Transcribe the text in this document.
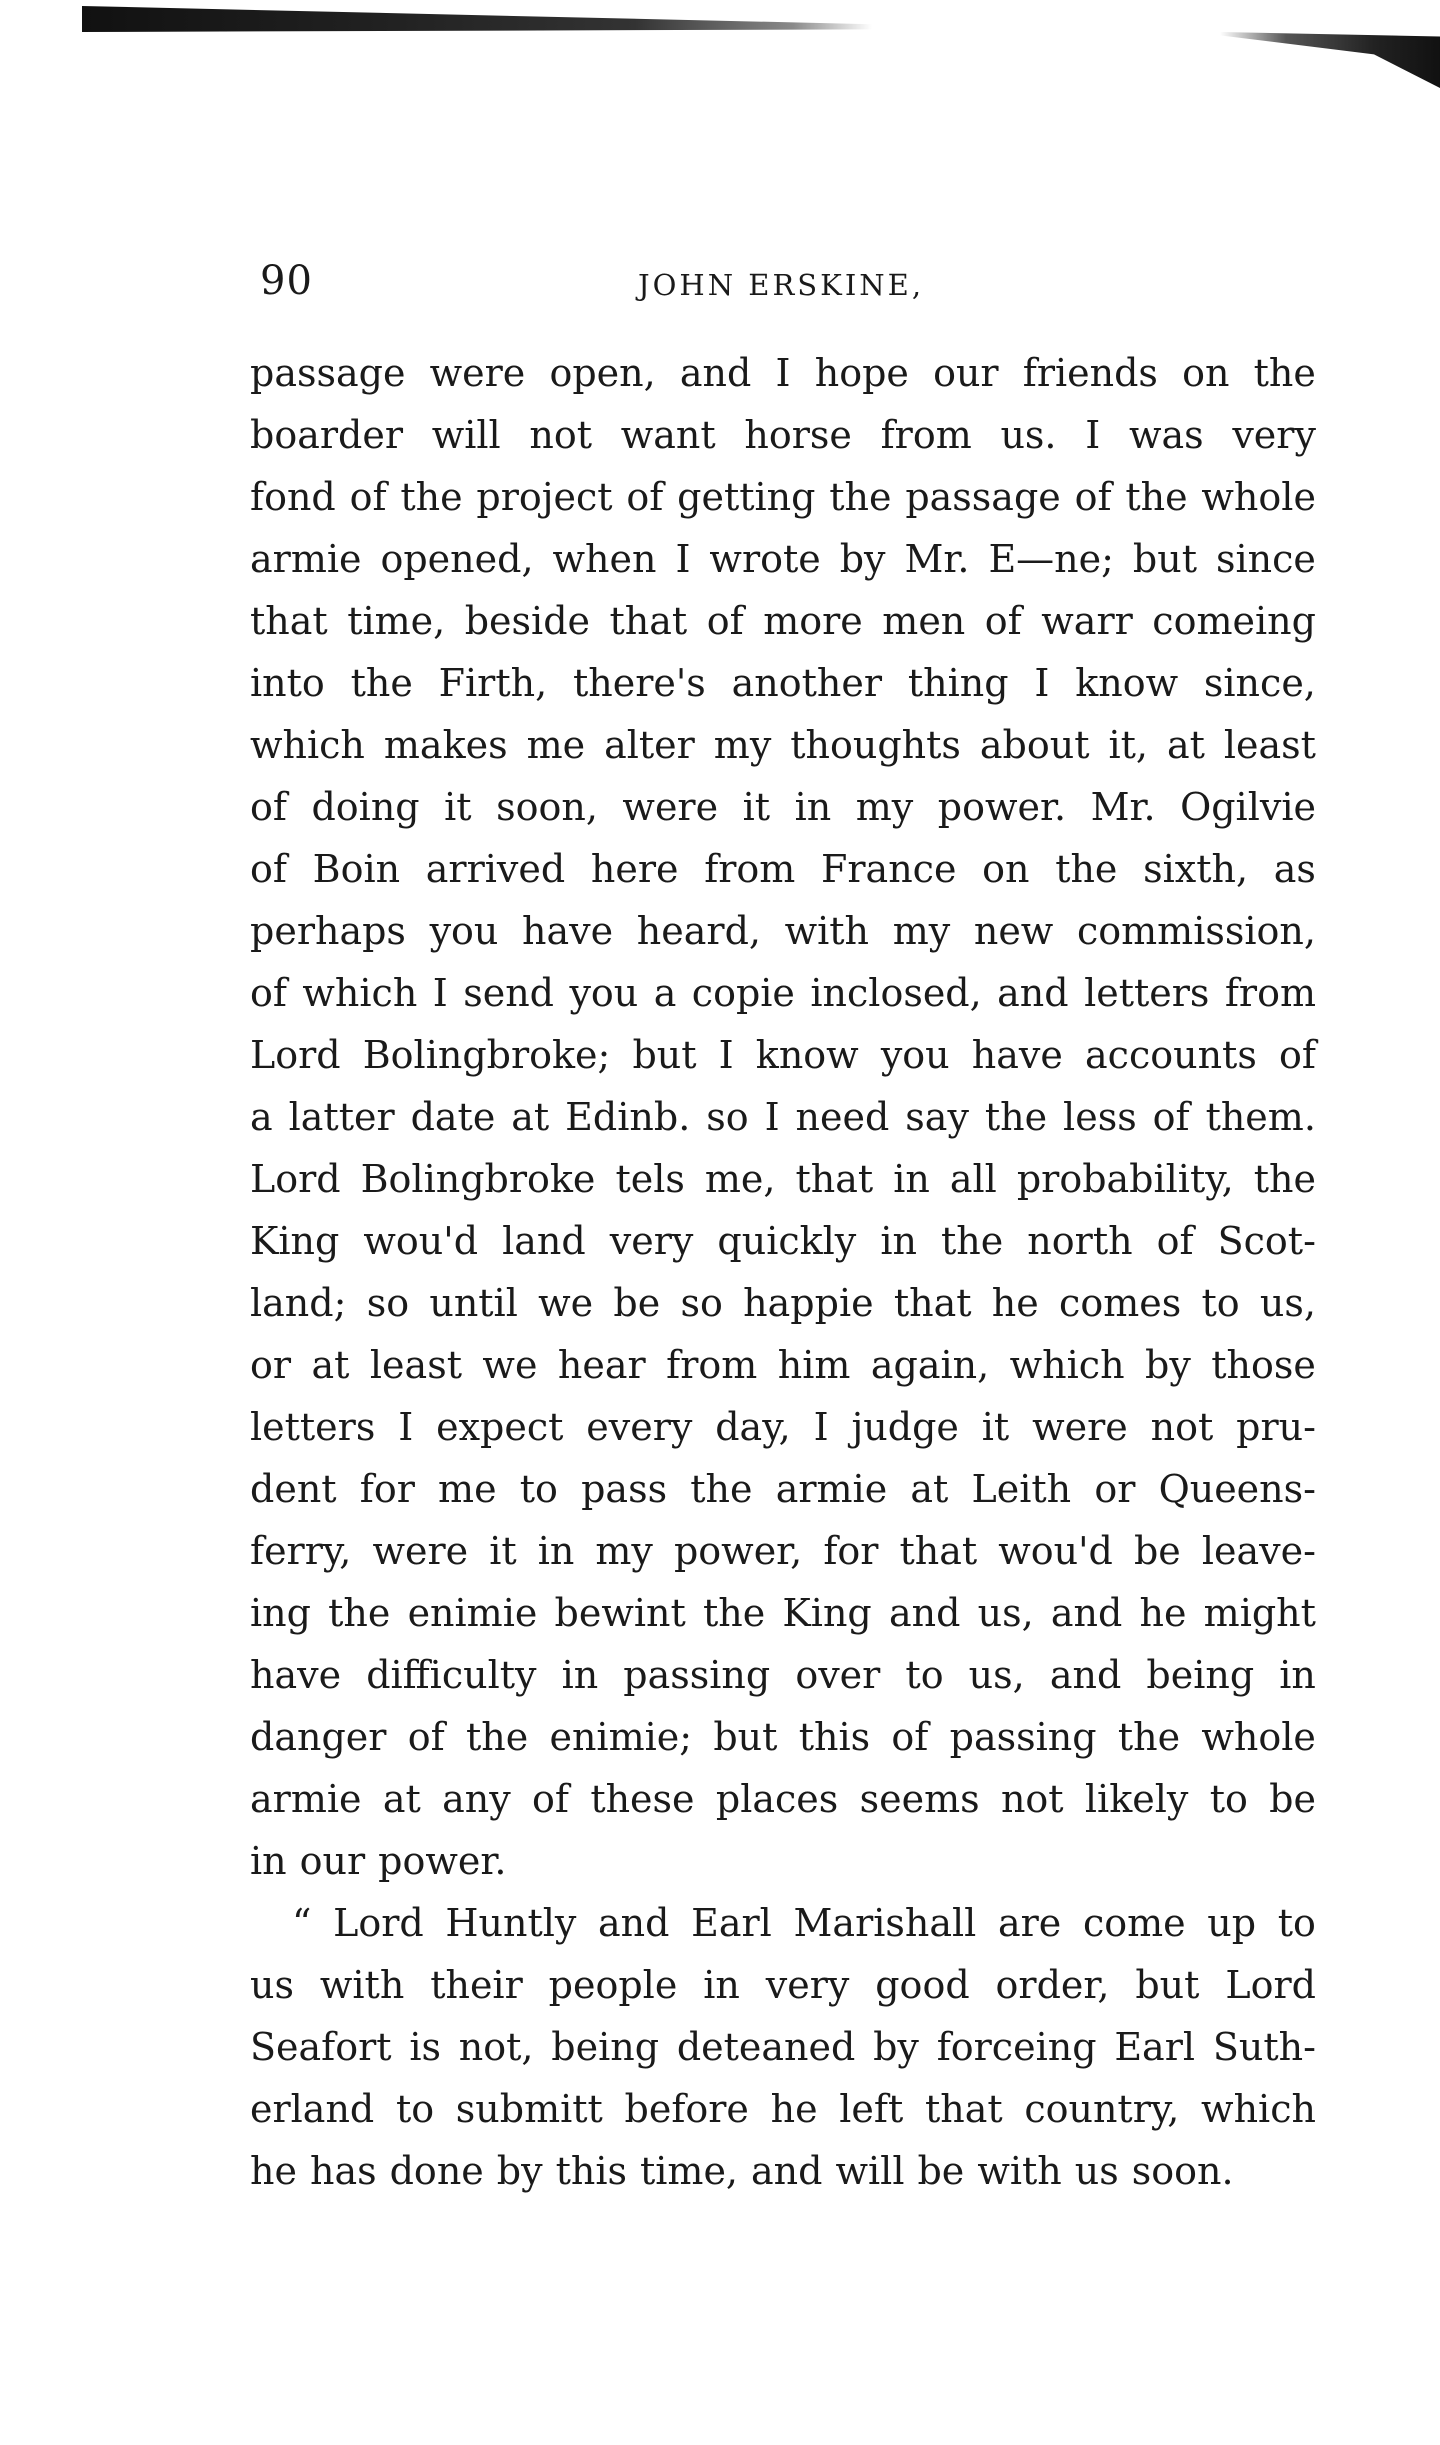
90	JOHN ERSKINE,
passage were open, and I hope our friends on the
boarder will not want horse from us. I was very
fond of the project of getting the passage of the whole
armie opened, when I wrote by Mr. E—ne; but since
that time, beside that of more men of warr comeing
into the Firth, there's another thing I know since,
which makes me alter my thoughts about it, at least
of doing it soon, were it in my power. Mr. Ogilvie
of Boin arrived here from France on the sixth, as
perhaps you have heard, with my new commission,
of which I send you a copie inclosed, and letters from
Lord Bolingbroke; but I know you have accounts of
a latter date at Edinb. so I need say the less of them.
Lord Bolingbroke tels me, that in all probability, the
King wou'd land very quickly in the north of Scot-
land; so until we be so happie that he comes to us,
or at least we hear from him again, which by those
letters I expect every day, I judge it were not pru-
dent for me to pass the armie at Leith or Queens-
ferry, were it in my power, for that wou'd be leave-
ing the enimie bewint the King and us, and he might
have difficulty in passing over to us, and being in
danger of the enimie; but this of passing the whole
armie at any of these places seems not likely to be
in our power.
“ Lord Huntly and Earl Marishall are come up to
us with their people in very good order, but Lord
Seafort is not, being deteaned by forceing Earl Suth-
erland to submitt before he left that country, which
he has done by this time, and will be with us soon.
